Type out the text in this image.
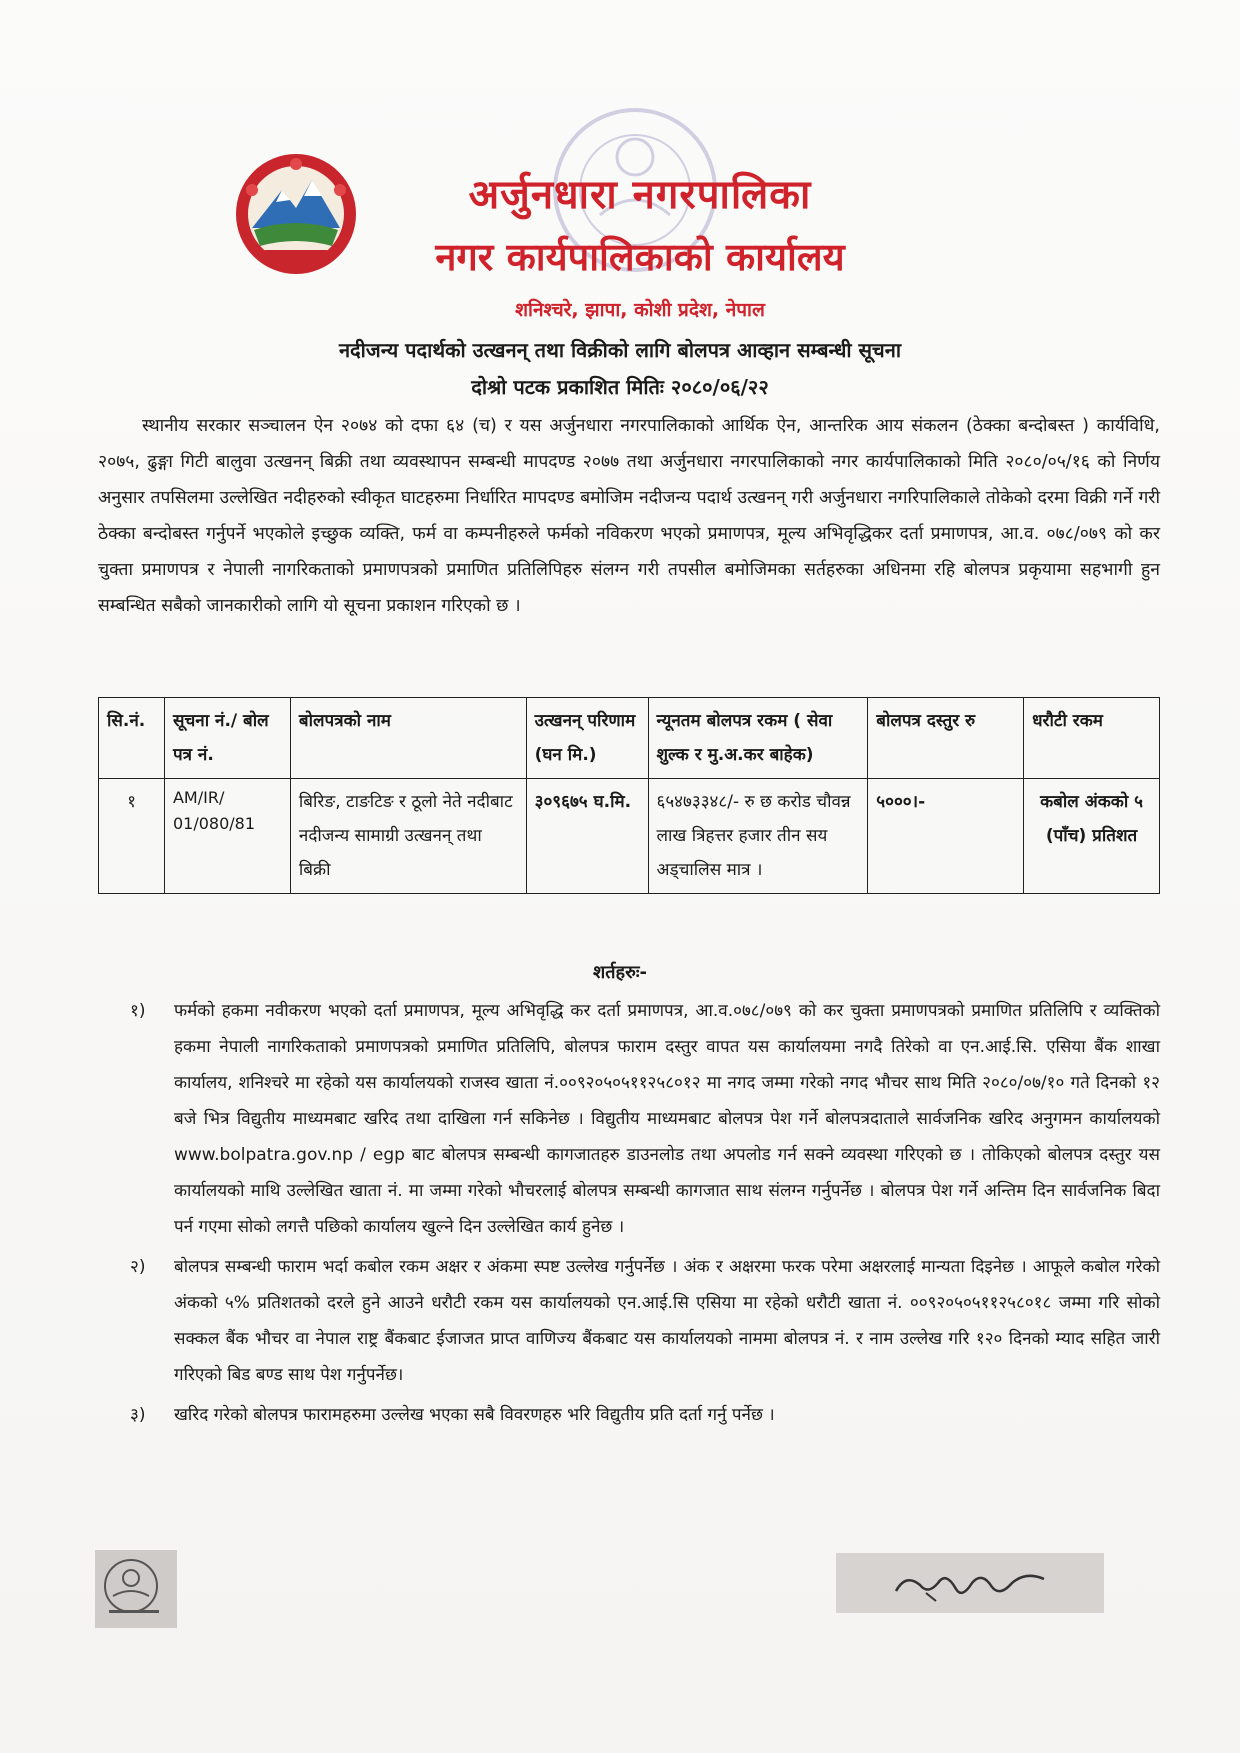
अर्जुनधारा नगरपालिका
नगर कार्यपालिकाको कार्यालय
शनिश्चरे, झापा, कोशी प्रदेश, नेपाल
नदीजन्य पदार्थको उत्खनन् तथा विक्रीको लागि बोलपत्र आव्हान सम्बन्धी सूचना
दोश्रो पटक प्रकाशित मितिः २०८०/०६/२२
स्थानीय सरकार सञ्चालन ऐन २०७४ को दफा ६४ (च) र यस अर्जुनधारा नगरपालिकाको आर्थिक ऐन, आन्तरिक आय संकलन (ठेक्का बन्दोबस्त ) कार्यविधि, २०७५, ढुङ्गा गिटी बालुवा उत्खनन् बिक्री तथा व्यवस्थापन सम्बन्धी मापदण्ड २०७७ तथा अर्जुनधारा नगरपालिकाको नगर कार्यपालिकाको मिति २०८०/०५/१६ को निर्णय अनुसार तपसिलमा उल्लेखित नदीहरुको स्वीकृत घाटहरुमा निर्धारित मापदण्ड बमोजिम नदीजन्य पदार्थ उत्खनन् गरी अर्जुनधारा नगरिपालिकाले तोकेको दरमा विक्री गर्ने गरी ठेक्का बन्दोबस्त गर्नुपर्ने भएकोले इच्छुक व्यक्ति, फर्म वा कम्पनीहरुले फर्मको नविकरण भएको प्रमाणपत्र, मूल्य अभिवृद्धिकर दर्ता प्रमाणपत्र, आ.व. ०७८/०७९ को कर चुक्ता प्रमाणपत्र र नेपाली नागरिकताको प्रमाणपत्रको प्रमाणित प्रतिलिपिहरु संलग्न गरी तपसील बमोजिमका सर्तहरुका अधिनमा रहि बोलपत्र प्रकृयामा सहभागी हुन सम्बन्धित सबैको जानकारीको लागि यो सूचना प्रकाशन गरिएको छ ।
सि.नं.	सूचना नं./ बोल पत्र नं.	बोलपत्रको नाम	उत्खनन् परिणाम (घन मि.)	न्यूनतम बोलपत्र रकम ( सेवा शुल्क र मु.अ.कर बाहेक)	बोलपत्र दस्तुर रु	धरौटी रकम
१	AM/IR/ 01/080/81	बिरिङ, टाङटिङ र ठूलो नेते नदीबाट नदीजन्य सामाग्री उत्खनन् तथा बिक्री	३०९६७५ घ.मि.	६५४७३३४८/- रु छ करोड चौवन्न लाख त्रिहत्तर हजार तीन सय अड्चालिस मात्र ।	५०००।-	कबोल अंकको ५ (पाँच) प्रतिशत
शर्तहरुः-
१) फर्मको हकमा नवीकरण भएको दर्ता प्रमाणपत्र, मूल्य अभिवृद्धि कर दर्ता प्रमाणपत्र, आ.व.०७८/०७९ को कर चुक्ता प्रमाणपत्रको प्रमाणित प्रतिलिपि र व्यक्तिको हकमा नेपाली नागरिकताको प्रमाणपत्रको प्रमाणित प्रतिलिपि, बोलपत्र फाराम दस्तुर वापत यस कार्यालयमा नगदै तिरेको वा एन.आई.सि. एसिया बैंक शाखा कार्यालय, शनिश्चरे मा रहेको यस कार्यालयको राजस्व खाता नं.००९२०५०५११२५८०१२ मा नगद जम्मा गरेको नगद भौचर साथ मिति २०८०/०७/१० गते दिनको १२ बजे भित्र विद्युतीय माध्यमबाट खरिद तथा दाखिला गर्न सकिनेछ । विद्युतीय माध्यमबाट बोलपत्र पेश गर्ने बोलपत्रदाताले सार्वजनिक खरिद अनुगमन कार्यालयको www.bolpatra.gov.np / egp बाट बोलपत्र सम्बन्धी कागजातहरु डाउनलोड तथा अपलोड गर्न सक्ने व्यवस्था गरिएको छ । तोकिएको बोलपत्र दस्तुर यस कार्यालयको माथि उल्लेखित खाता नं. मा जम्मा गरेको भौचरलाई बोलपत्र सम्बन्धी कागजात साथ संलग्न गर्नुपर्नेछ । बोलपत्र पेश गर्ने अन्तिम दिन सार्वजनिक बिदा पर्न गएमा सोको लगत्तै पछिको कार्यालय खुल्ने दिन उल्लेखित कार्य हुनेछ ।
२) बोलपत्र सम्बन्धी फाराम भर्दा कबोल रकम अक्षर र अंकमा स्पष्ट उल्लेख गर्नुपर्नेछ । अंक र अक्षरमा फरक परेमा अक्षरलाई मान्यता दिइनेछ । आफूले कबोल गरेको अंकको ५% प्रतिशतको दरले हुने आउने धरौटी रकम यस कार्यालयको एन.आई.सि एसिया मा रहेको धरौटी खाता नं. ००९२०५०५११२५८०१८ जम्मा गरि सोको सक्कल बैंक भौचर वा नेपाल राष्ट्र बैंकबाट ईजाजत प्राप्त वाणिज्य बैंकबाट यस कार्यालयको नाममा बोलपत्र नं. र नाम उल्लेख गरि १२० दिनको म्याद सहित जारी गरिएको बिड बण्ड साथ पेश गर्नुपर्नेछ।
३) खरिद गरेको बोलपत्र फारामहरुमा उल्लेख भएका सबै विवरणहरु भरि विद्युतीय प्रति दर्ता गर्नु पर्नेछ ।
